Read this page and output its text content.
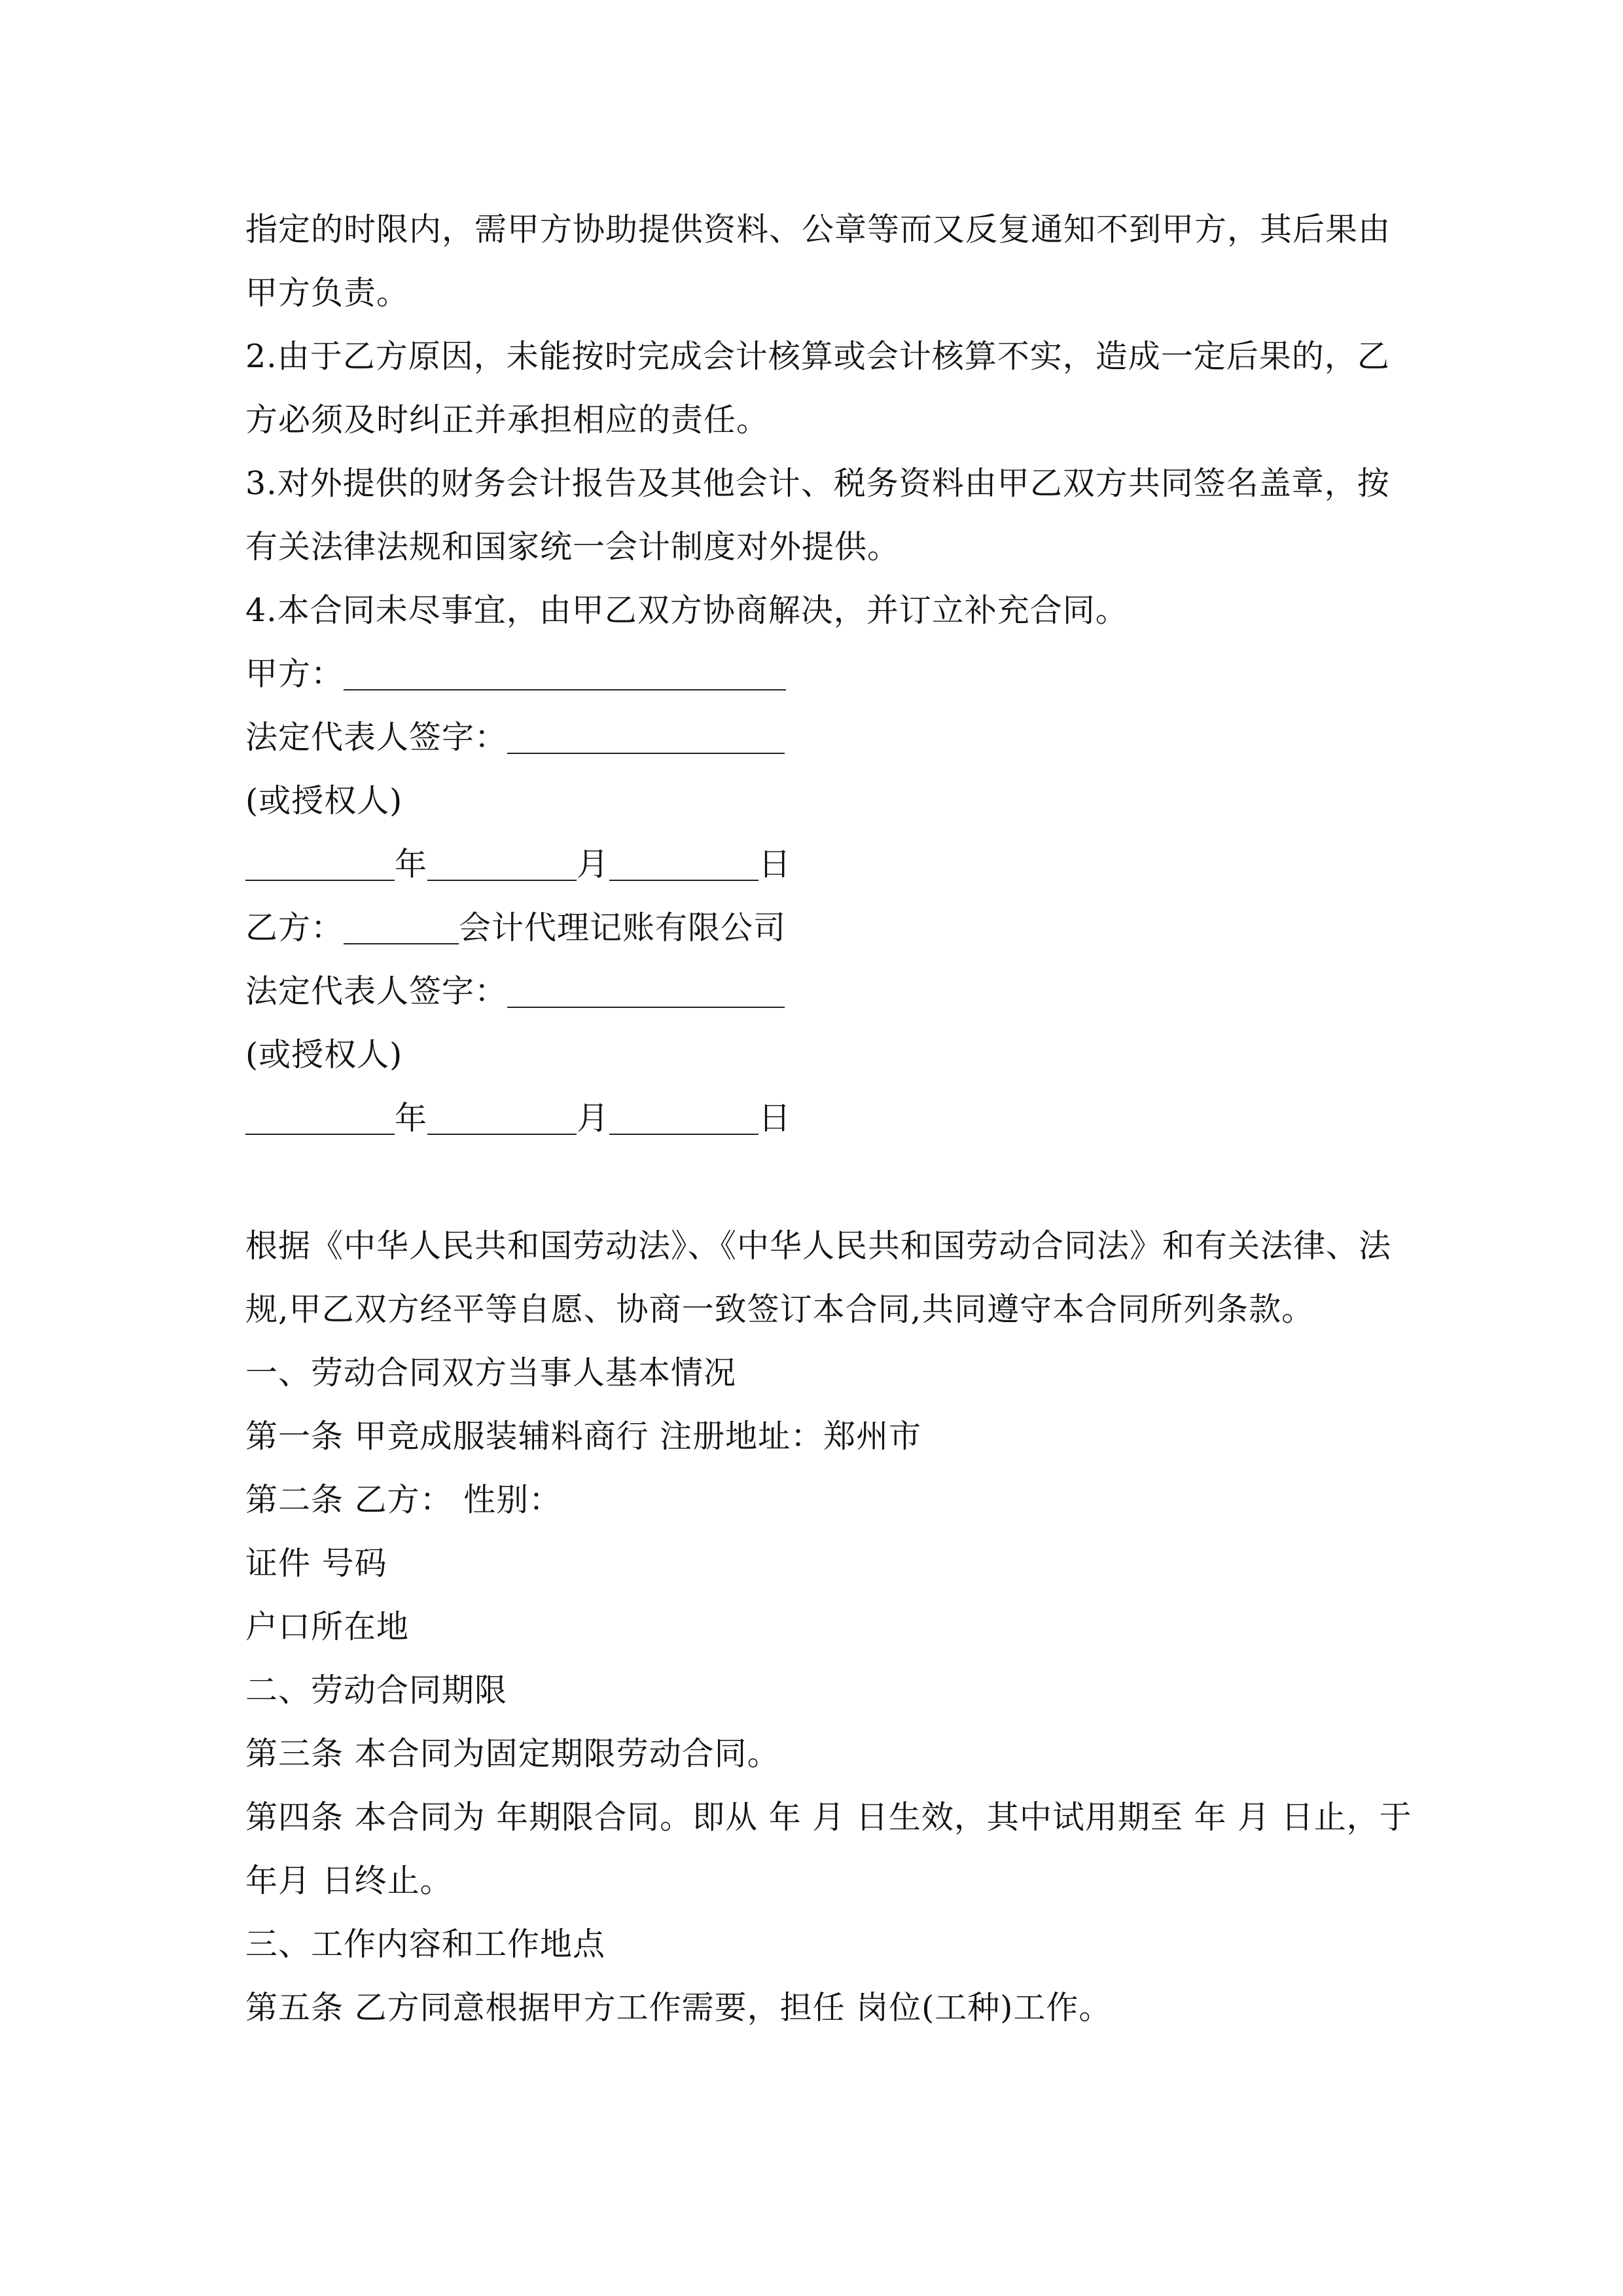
指定的时限内，需甲方协助提供资料、公章等而又反复通知不到甲方，其后果由
甲方负责。
2.由于乙方原因，未能按时完成会计核算或会计核算不实，造成一定后果的，乙
方必须及时纠正并承担相应的责任。
3.对外提供的财务会计报告及其他会计、税务资料由甲乙双方共同签名盖章，按
有关法律法规和国家统一会计制度对外提供。
4.本合同未尽事宜，由甲乙双方协商解决，并订立补充合同。
甲方：
法定代表人签字：
(或授权人)
年	月	日
乙方：	会计代理记账有限公司
法定代表人签字：
(或授权人)
年	月	日
根据《中华人民共和国劳动法》、《中华人民共和国劳动合同法》和有关法律、法
规,甲乙双方经平等自愿、协商一致签订本合同,共同遵守本合同所列条款。
一、劳动合同双方当事人基本情况
第一条 甲竞成服装辅料商行 注册地址：郑州市
第二条 乙方： 性别：
证件 号码
户口所在地
二、劳动合同期限
第三条 本合同为固定期限劳动合同。
第四条 本合同为 年期限合同。即从 年 月 日生效，其中试用期至 年 月 日止，于
年月 日终止。
三、工作内容和工作地点
第五条 乙方同意根据甲方工作需要，担任 岗位(工种)工作。
